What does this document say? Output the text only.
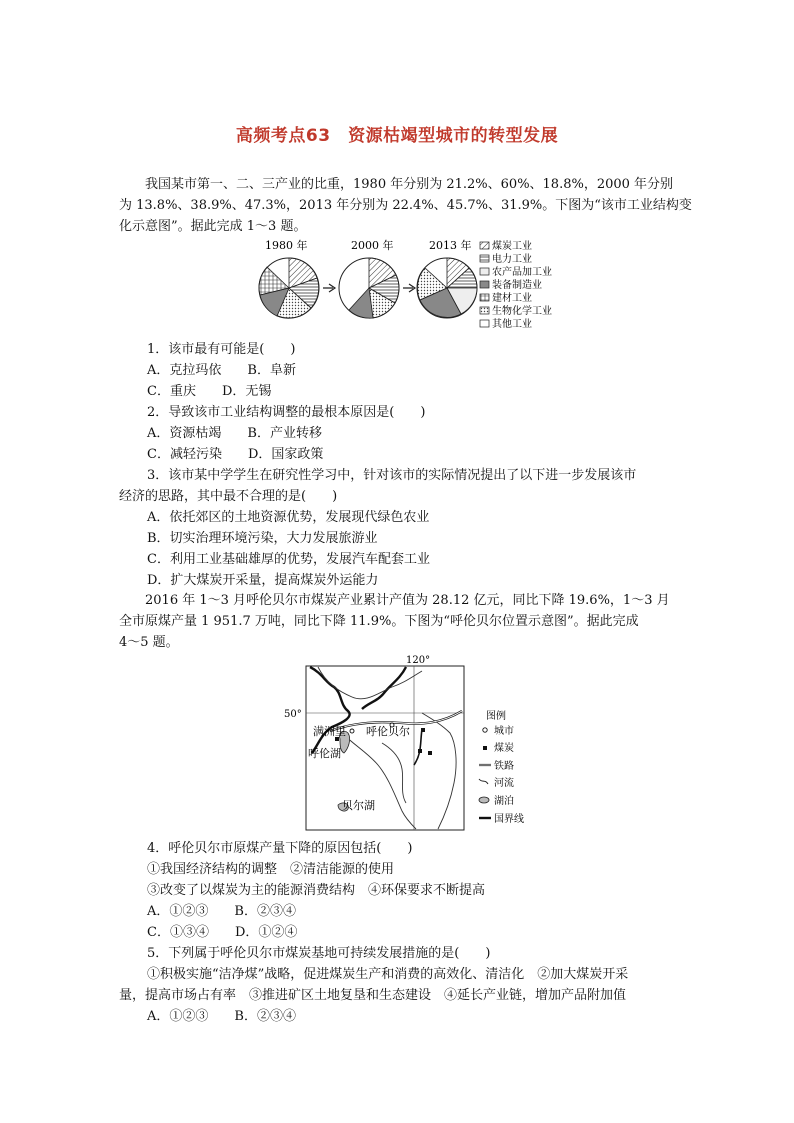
高频考点63　资源枯竭型城市的转型发展
我国某市第一、二、三产业的比重，1980 年分别为 21.2%、60%、18.8%，2000 年分别
为 13.8%、38.9%、47.3%，2013 年分别为 22.4%、45.7%、31.9%。下图为“该市工业结构变
化示意图”。据此完成 1～3 题。
1980 年	2000 年	2013 年 煤炭工业
电力工业
农产品加工业
装备制造业
建材工业
生物化学工业
其他工业
1．该市最有可能是(　　)
A．克拉玛依　　B．阜新
C．重庆　　D．无锡
2．导致该市工业结构调整的最根本原因是(　　)
A．资源枯竭　　B．产业转移
C．减轻污染　　D．国家政策
3．该市某中学学生在研究性学习中，针对该市的实际情况提出了以下进一步发展该市
经济的思路，其中最不合理的是(　　)
A．依托郊区的土地资源优势，发展现代绿色农业
B．切实治理环境污染，大力发展旅游业
C．利用工业基础雄厚的优势，发展汽车配套工业
D．扩大煤炭开采量，提高煤炭外运能力
2016 年 1～3 月呼伦贝尔市煤炭产业累计产值为 28.12 亿元，同比下降 19.6%，1～3 月
全市原煤产量 1 951.7 万吨，同比下降 11.9%。下图为“呼伦贝尔位置示意图”。据此完成
4～5 题。
120°
50°
满洲里 呼伦贝尔
呼伦湖
贝尔湖
图例
城市
煤炭
铁路
河流
湖泊
国界线
4．呼伦贝尔市原煤产量下降的原因包括(　　)
①我国经济结构的调整　②清洁能源的使用
③改变了以煤炭为主的能源消费结构　④环保要求不断提高
A．①②③　　B．②③④
C．①③④　　D．①②④
5．下列属于呼伦贝尔市煤炭基地可持续发展措施的是(　　)
①积极实施“洁净煤”战略，促进煤炭生产和消费的高效化、清洁化　②加大煤炭开采
量，提高市场占有率　③推进矿区土地复垦和生态建设　④延长产业链，增加产品附加值
A．①②③　　B．②③④
